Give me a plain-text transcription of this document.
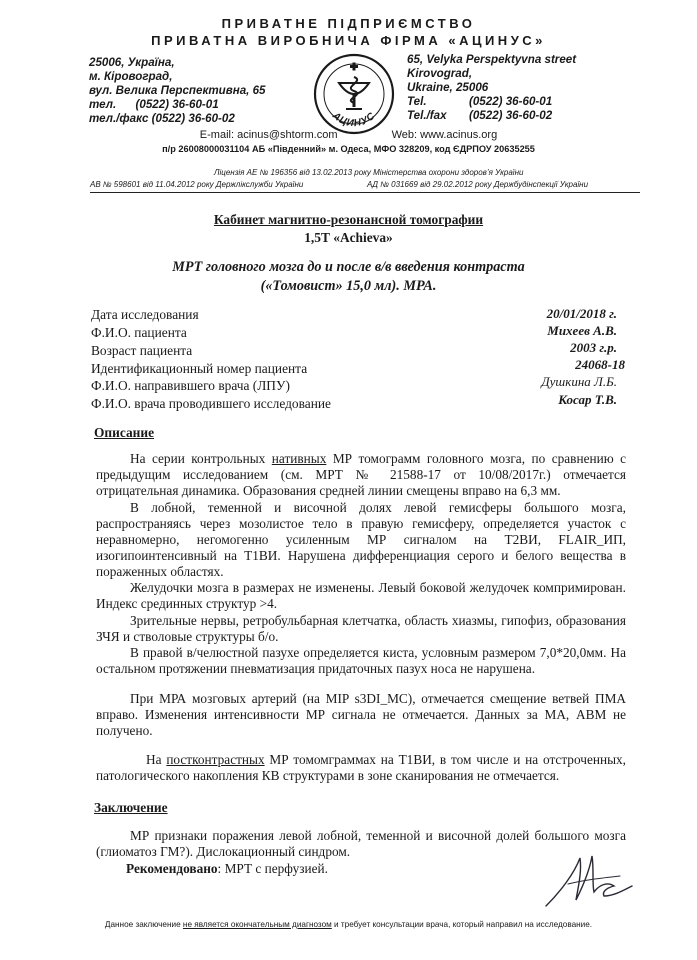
ПРИВАТНЕ ПІДПРИЄМСТВО
ПРИВАТНА ВИРОБНИЧА ФІРМА «АЦИНУС»
25006, Україна,
м. Кіровоград,
вул. Велика Перспективна, 65
тел.      (0522) 36-60-01
тел./факс (0522) 36-60-02	АЦИНУС
65, Velyka Perspektyvna street
Kirovograd,
Ukraine, 25006
Tel.	(0522) 36-60-01
Tel./fax	(0522) 36-60-02
E-mail: acinus@shtorm.com	Web: www.acinus.org
п/р 26008000031104 АБ «Південний» м. Одеса, МФО 328209, код ЄДРПОУ 20635255
Ліцензія АЕ № 196356 від 13.02.2013 року Міністерства охорони здоров’я України
АВ № 598601 від 11.04.2012 року Держлікслужби України	АД № 031669 від 29.02.2012 року Держбудінспекції України
Кабинет магнитно-резонансной томографии
1,5Т «Achieva»
МРТ головного мозга до и после в/в введения контраста
(«Томовист» 15,0 мл). МРА.
Дата исследования	20/01/2018 г.
Ф.И.О. пациента	Михеев А.В.
Возраст пациента	2003 г.р.
Идентификационный номер пациента	24068-18
Ф.И.О. направившего врача (ЛПУ)	Душкина Л.Б.
Ф.И.О. врача проводившего исследование	Косар Т.В.
Описание
На серии контрольных нативных МР томограмм головного мозга, по сравнению с предыдущим исследованием (см. МРТ № 21588-17 от 10/08/2017г.) отмечается отрицательная динамика. Образования средней линии смещены вправо на 6,3 мм.
В лобной, теменной и височной долях левой гемисферы большого мозга, распространяясь через мозолистое тело в правую гемисферу, определяется участок с неравномерно, негомогенно усиленным МР сигналом на Т2ВИ, FLAIR_ИП, изогипоинтенсивный на Т1ВИ. Нарушена дифференциация серого и белого вещества в пораженных областях.
Желудочки мозга в размерах не изменены. Левый боковой желудочек компримирован. Индекс срединных структур >4.
Зрительные нервы, ретробульбарная клетчатка, область хиазмы, гипофиз, образования ЗЧЯ и стволовые структуры б/о.
В правой в/челюстной пазухе определяется киста, условным размером 7,0*20,0мм. На остальном протяжении пневматизация придаточных пазух носа не нарушена.
При МРА мозговых артерий (на MIP s3DI_MC), отмечается смещение ветвей ПМА вправо. Изменения интенсивности МР сигнала не отмечается. Данных за МА, АВМ не получено.
На постконтрастных МР томомграммах на Т1ВИ, в том числе и на отстроченных, патологического накопления КВ структурами в зоне сканирования не отмечается.
Заключение
МР признаки поражения левой лобной, теменной и височной долей большого мозга (глиоматоз ГМ?). Дислокационный синдром.
Рекомендовано: МРТ с перфузией.
Данное заключение не является окончательным диагнозом и требует консультации врача, который направил на исследование.
